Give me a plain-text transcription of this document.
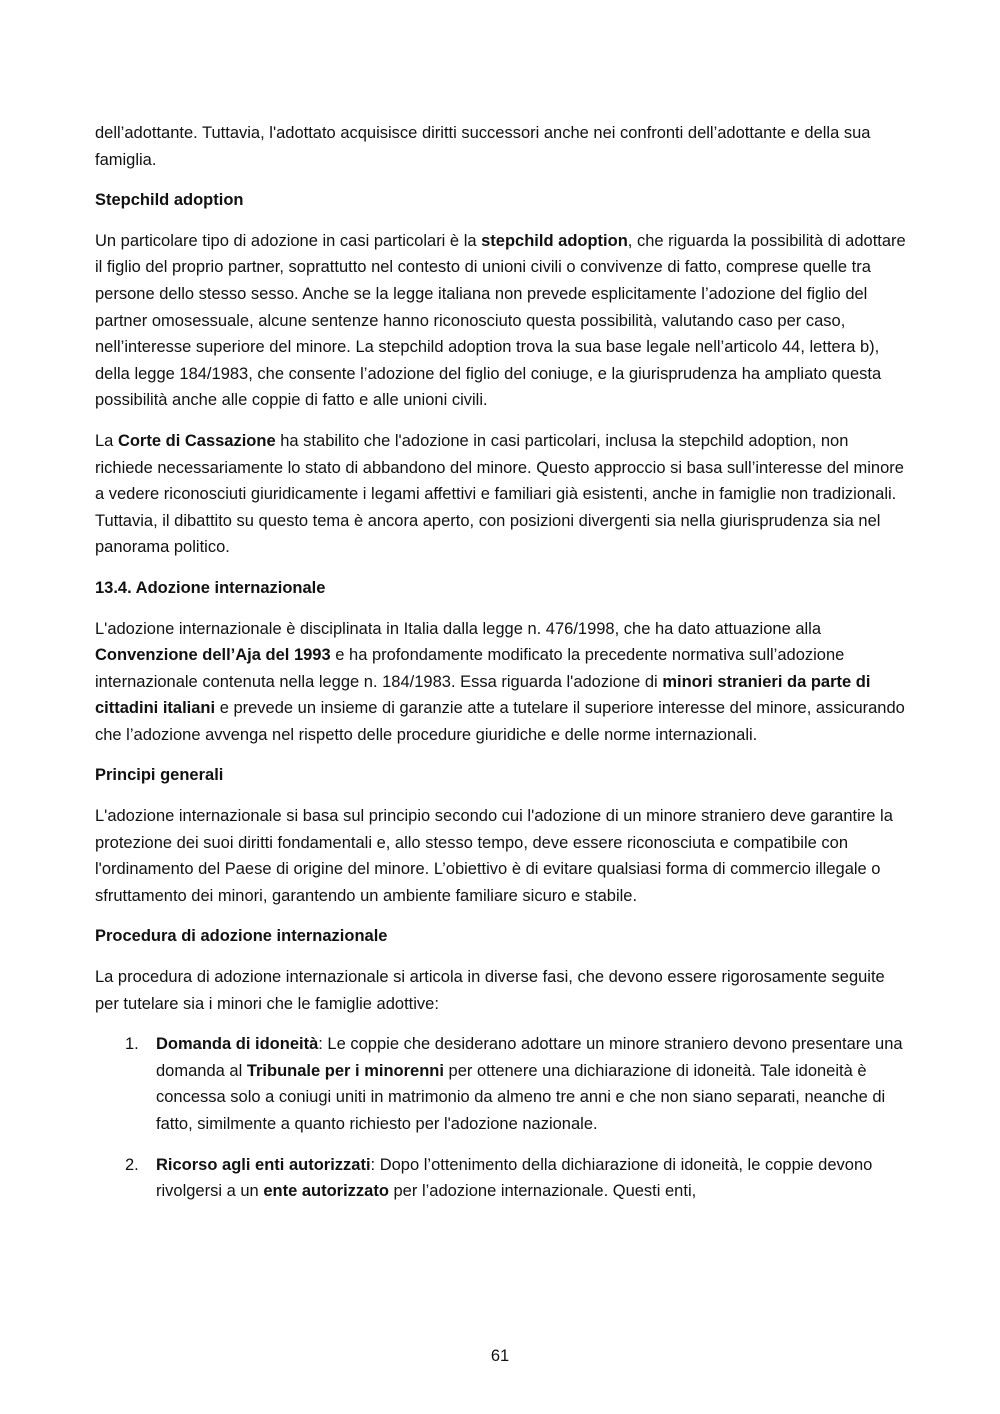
dell’adottante. Tuttavia, l'adottato acquisisce diritti successori anche nei confronti dell’adottante e della sua famiglia.

Stepchild adoption

Un particolare tipo di adozione in casi particolari è la stepchild adoption, che riguarda la possibilità di adottare il figlio del proprio partner, soprattutto nel contesto di unioni civili o convivenze di fatto, comprese quelle tra persone dello stesso sesso. Anche se la legge italiana non prevede esplicitamente l’adozione del figlio del partner omosessuale, alcune sentenze hanno riconosciuto questa possibilità, valutando caso per caso, nell’interesse superiore del minore. La stepchild adoption trova la sua base legale nell’articolo 44, lettera b), della legge 184/1983, che consente l’adozione del figlio del coniuge, e la giurisprudenza ha ampliato questa possibilità anche alle coppie di fatto e alle unioni civili.

La Corte di Cassazione ha stabilito che l'adozione in casi particolari, inclusa la stepchild adoption, non richiede necessariamente lo stato di abbandono del minore. Questo approccio si basa sull’interesse del minore a vedere riconosciuti giuridicamente i legami affettivi e familiari già esistenti, anche in famiglie non tradizionali. Tuttavia, il dibattito su questo tema è ancora aperto, con posizioni divergenti sia nella giurisprudenza sia nel panorama politico.

13.4. Adozione internazionale

L'adozione internazionale è disciplinata in Italia dalla legge n. 476/1998, che ha dato attuazione alla Convenzione dell’Aja del 1993 e ha profondamente modificato la precedente normativa sull’adozione internazionale contenuta nella legge n. 184/1983. Essa riguarda l'adozione di minori stranieri da parte di cittadini italiani e prevede un insieme di garanzie atte a tutelare il superiore interesse del minore, assicurando che l’adozione avvenga nel rispetto delle procedure giuridiche e delle norme internazionali.

Principi generali

L'adozione internazionale si basa sul principio secondo cui l'adozione di un minore straniero deve garantire la protezione dei suoi diritti fondamentali e, allo stesso tempo, deve essere riconosciuta e compatibile con l'ordinamento del Paese di origine del minore. L’obiettivo è di evitare qualsiasi forma di commercio illegale o sfruttamento dei minori, garantendo un ambiente familiare sicuro e stabile.

Procedura di adozione internazionale

La procedura di adozione internazionale si articola in diverse fasi, che devono essere rigorosamente seguite per tutelare sia i minori che le famiglie adottive:

1. Domanda di idoneità: Le coppie che desiderano adottare un minore straniero devono presentare una domanda al Tribunale per i minorenni per ottenere una dichiarazione di idoneità. Tale idoneità è concessa solo a coniugi uniti in matrimonio da almeno tre anni e che non siano separati, neanche di fatto, similmente a quanto richiesto per l'adozione nazionale.
2. Ricorso agli enti autorizzati: Dopo l’ottenimento della dichiarazione di idoneità, le coppie devono rivolgersi a un ente autorizzato per l’adozione internazionale. Questi enti,
61
